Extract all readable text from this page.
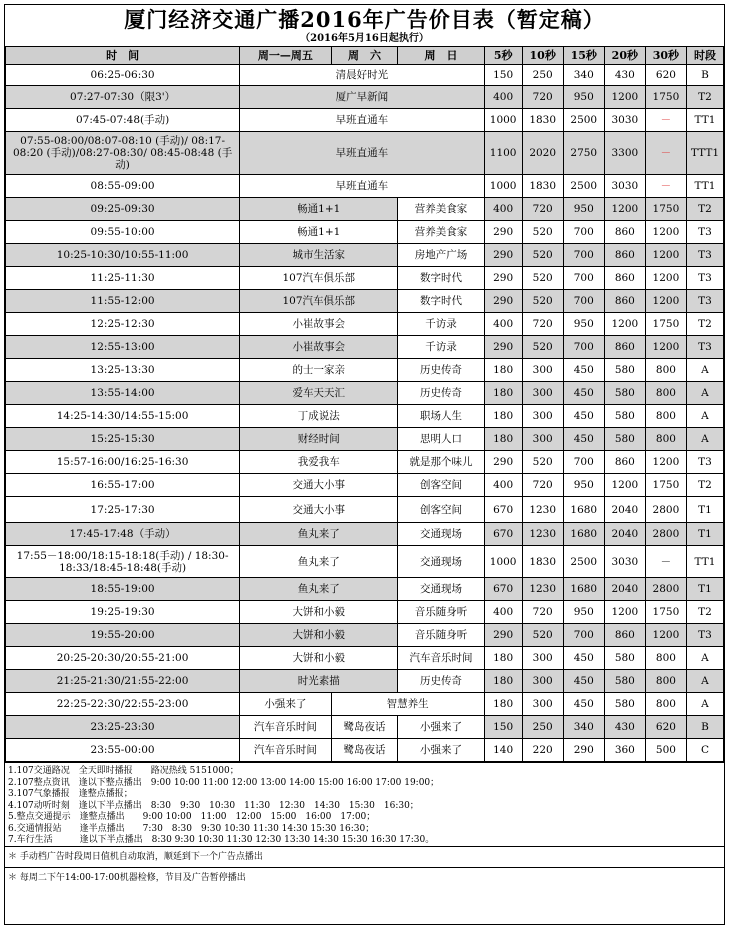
厦门经济交通广播2016年广告价目表（暂定稿）
（2016年5月16日起执行）
时　间	周一—周五	周　六	周　日	5秒	10秒	15秒	20秒	30秒	时段
06:25-06:30	清晨好时光			150	250	340	430	620	B
07:27-07:30（限3'）	厦广早新闻			400	720	950	1200	1750	T2
07:45-07:48(手动)	早班直通车			1000	1830	2500	3030	－	TT1
07:55-08:00/08:07-08:10 (手动)/ 08:17-08:20 (手动)/08:27-08:30/ 08:45-08:48 (手动)	早班直通车			1100	2020	2750	3300	－	TTT1
08:55-09:00	早班直通车			1000	1830	2500	3030	－	TT1
09:25-09:30	畅通1+1		营养美食家	400	720	950	1200	1750	T2
09:55-10:00	畅通1+1		营养美食家	290	520	700	860	1200	T3
10:25-10:30/10:55-11:00	城市生活家		房地产广场	290	520	700	860	1200	T3
11:25-11:30	107汽车俱乐部		数字时代	290	520	700	860	1200	T3
11:55-12:00	107汽车俱乐部		数字时代	290	520	700	860	1200	T3
12:25-12:30	小崔故事会		千访录	400	720	950	1200	1750	T2
12:55-13:00	小崔故事会		千访录	290	520	700	860	1200	T3
13:25-13:30	的士一家亲		历史传奇	180	300	450	580	800	A
13:55-14:00	爱车天天汇		历史传奇	180	300	450	580	800	A
14:25-14:30/14:55-15:00	丁成说法		职场人生	180	300	450	580	800	A
15:25-15:30	财经时间		思明人口	180	300	450	580	800	A
15:57-16:00/16:25-16:30	我爱我车		就是那个味儿	290	520	700	860	1200	T3
16:55-17:00	交通大小事		创客空间	400	720	950	1200	1750	T2
17:25-17:30	交通大小事		创客空间	670	1230	1680	2040	2800	T1
17:45-17:48（手动）	鱼丸来了		交通现场	670	1230	1680	2040	2800	T1
17:55－18:00/18:15-18:18(手动) / 18:30-18:33/18:45-18:48(手动)	鱼丸来了		交通现场	1000	1830	2500	3030	－	TT1
18:55-19:00	鱼丸来了		交通现场	670	1230	1680	2040	2800	T1
19:25-19:30	大饼和小毅		音乐随身听	400	720	950	1200	1750	T2
19:55-20:00	大饼和小毅		音乐随身听	290	520	700	860	1200	T3
20:25-20:30/20:55-21:00	大饼和小毅		汽车音乐时间	180	300	450	580	800	A
21:25-21:30/21:55-22:00	时光素描		历史传奇	180	300	450	580	800	A
22:25-22:30/22:55-23:00	小强来了	智慧养生		180	300	450	580	800	A
23:25-23:30	汽车音乐时间	鹭岛夜话	小强来了	150	250	340	430	620	B
23:55-00:00	汽车音乐时间	鹭岛夜话	小强来了	140	220	290	360	500	C
1.107交通路况　全天即时播报　　路况热线 5151000；
2.107整点资讯　逢以下整点播出　9:00 10:00 11:00 12:00 13:00 14:00 15:00 16:00 17:00 19:00；
3.107气象播报　逢整点播报；
4.107动听时刻　逢以下半点播出　8:30　9:30　10:30　11:30　12:30　14:30　15:30　16:30；
5.整点交通提示　逢整点播出　　9:00 10:00　11:00　12:00　15:00　16:00　17:00；
6.交通情报站　　逢半点播出　　7:30　8:30　9:30 10:30 11:30 14:30 15:30 16:30；
7.车行生活　　　逢以下半点播出　8:30 9:30 10:30 11:30 12:30 13:30 14:30 15:30 16:30 17:30。
＊ 手动档广告时段周日值机自动取消，顺延到下一个广告点播出
＊ 每周二下午14:00-17:00机器检修，节目及广告暂停播出
